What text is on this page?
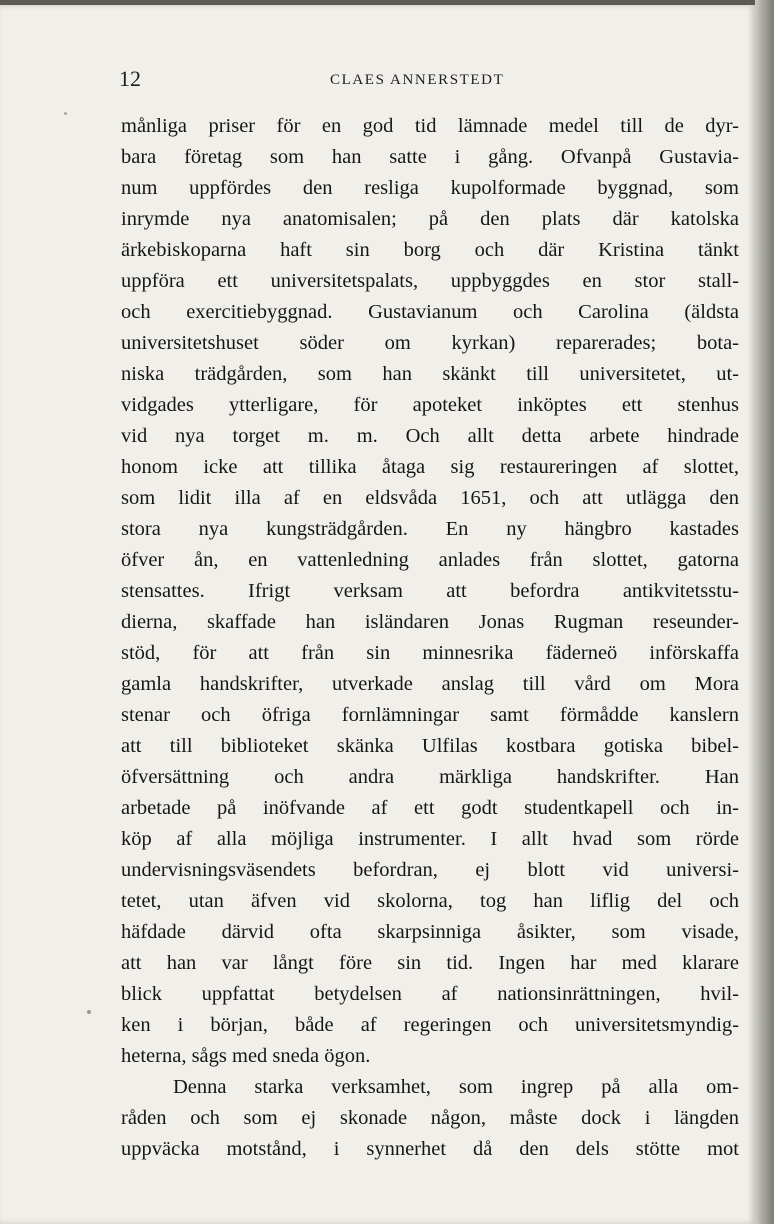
12	CLAES ANNERSTEDT
månliga priser för en god tid lämnade medel till de dyr-
bara företag som han satte i gång. Ofvanpå Gustavia-
num uppfördes den resliga kupolformade byggnad, som
inrymde nya anatomisalen; på den plats där katolska
ärkebiskoparna haft sin borg och där Kristina tänkt
uppföra ett universitetspalats, uppbyggdes en stor stall-
och exercitiebyggnad. Gustavianum och Carolina (äldsta
universitetshuset söder om kyrkan) reparerades; bota-
niska trädgården, som han skänkt till universitetet, ut-
vidgades ytterligare, för apoteket inköptes ett stenhus
vid nya torget m. m. Och allt detta arbete hindrade
honom icke att tillika åtaga sig restaureringen af slottet,
som lidit illa af en eldsvåda 1651, och att utlägga den
stora nya kungsträdgården. En ny hängbro kastades
öfver ån, en vattenledning anlades från slottet, gatorna
stensattes. Ifrigt verksam att befordra antikvitetsstu-
dierna, skaffade han isländaren Jonas Rugman reseunder-
stöd, för att från sin minnesrika fäderneö införskaffa
gamla handskrifter, utverkade anslag till vård om Mora
stenar och öfriga fornlämningar samt förmådde kanslern
att till biblioteket skänka Ulfilas kostbara gotiska bibel-
öfversättning och andra märkliga handskrifter. Han
arbetade på inöfvande af ett godt studentkapell och in-
köp af alla möjliga instrumenter. I allt hvad som rörde
undervisningsväsendets befordran, ej blott vid universi-
tetet, utan äfven vid skolorna, tog han liflig del och
häfdade därvid ofta skarpsinniga åsikter, som visade,
att han var långt före sin tid. Ingen har med klarare
blick uppfattat betydelsen af nationsinrättningen, hvil-
ken i början, både af regeringen och universitetsmyndig-
heterna, sågs med sneda ögon.
Denna starka verksamhet, som ingrep på alla om-
råden och som ej skonade någon, måste dock i längden
uppväcka motstånd, i synnerhet då den dels stötte mot
